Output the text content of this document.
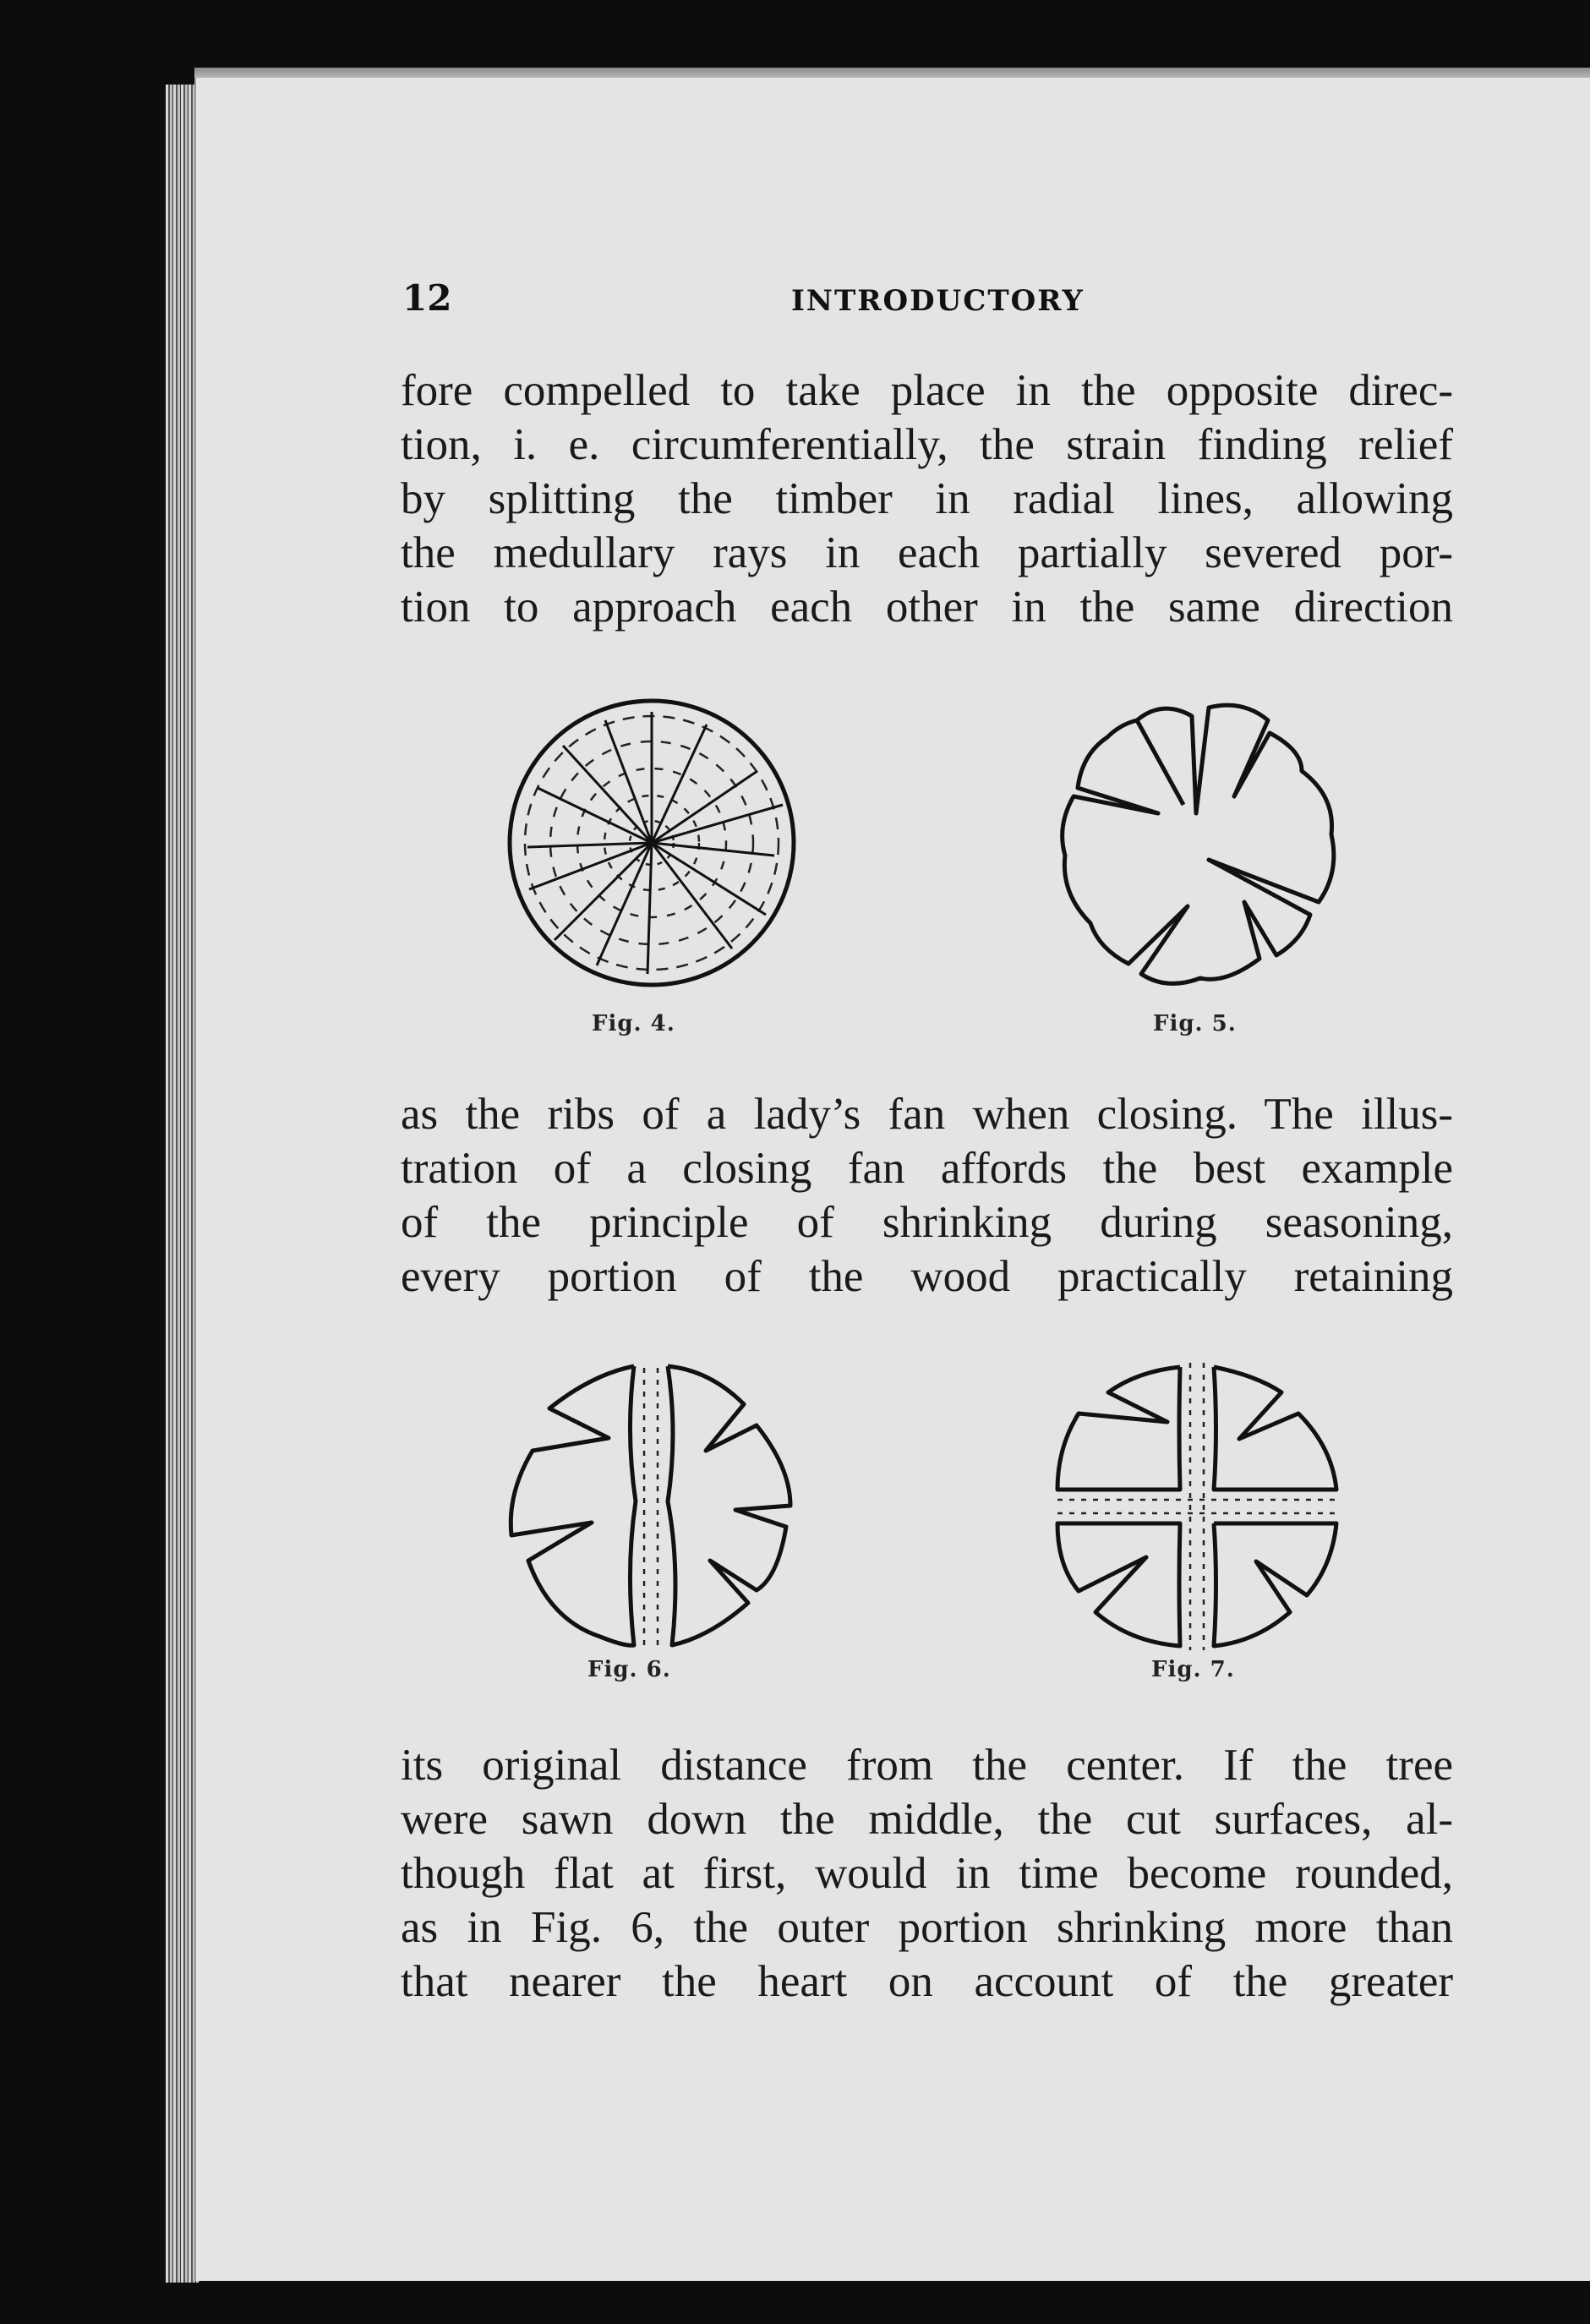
12	INTRODUCTORY
fore compelled to take place in the opposite direc-
tion, i. e. circumferentially, the strain finding relief
by splitting the timber in radial lines, allowing
the medullary rays in each partially severed por-
tion to approach each other in the same direction
Fig. 4.	Fig. 5.
as the ribs of a lady’s fan when closing. The illus-
tration of a closing fan affords the best example
of the principle of shrinking during seasoning,
every portion of the wood practically retaining
Fig. 6.	Fig. 7.
its original distance from the center. If the tree
were sawn down the middle, the cut surfaces, al-
though flat at first, would in time become rounded,
as in Fig. 6, the outer portion shrinking more than
that nearer the heart on account of the greater
